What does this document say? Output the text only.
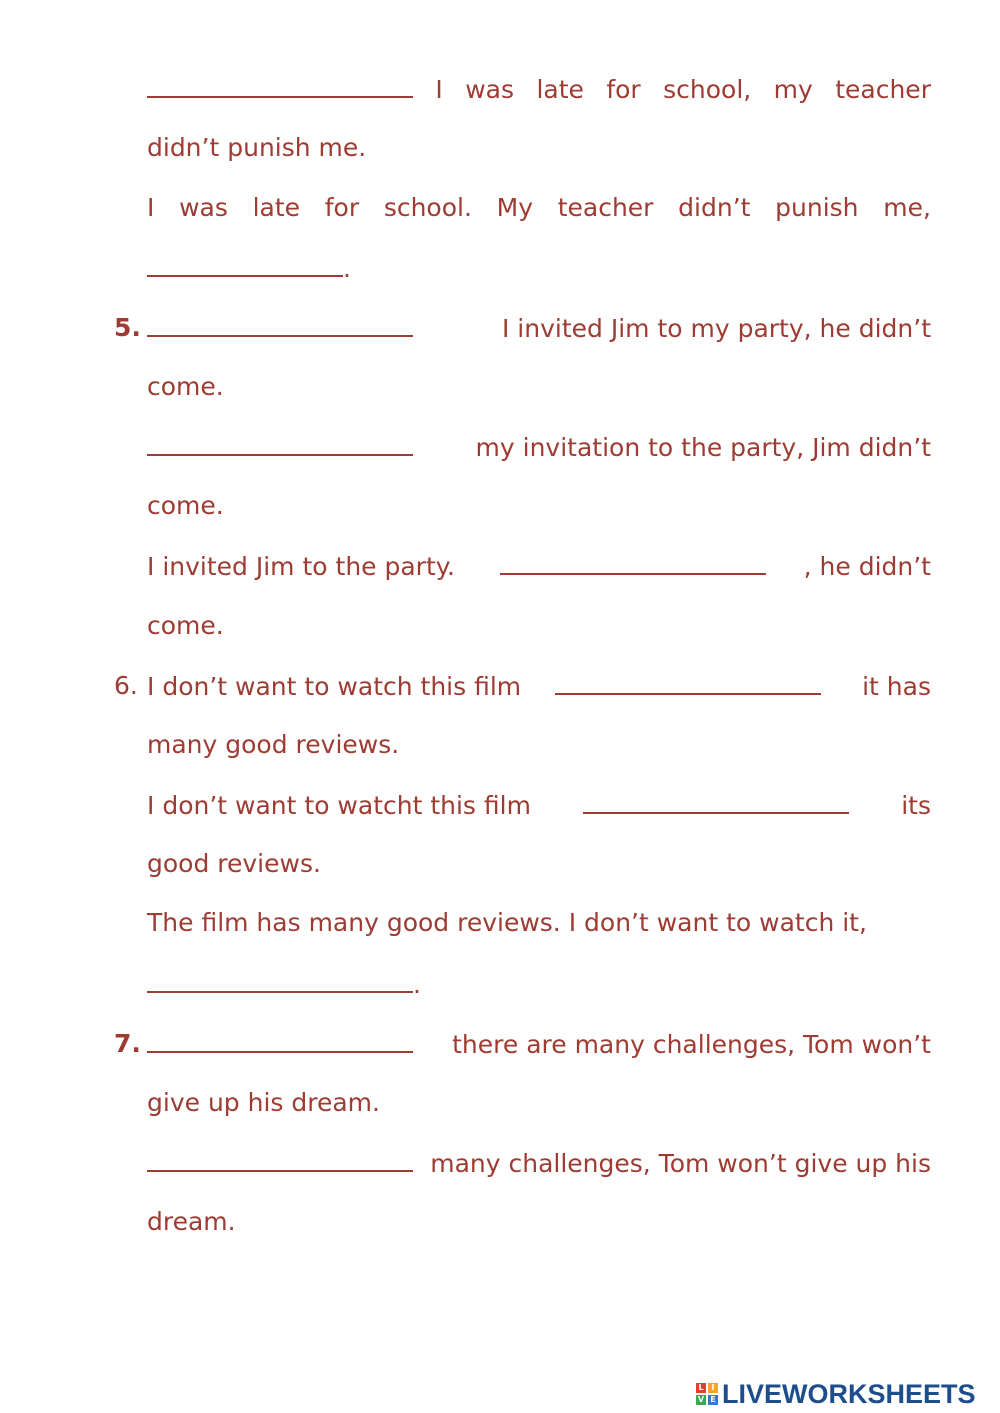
I was late for school, my teacher
didn’t punish me.
I was late for school. My teacher didn’t punish me,
.
5.	I invited Jim to my party, he didn’t
come.
my invitation to the party, Jim didn’t
come.
I invited Jim to the party.	, he didn’t
come.
6. I don’t want to watch this film	it has
many good reviews.
I don’t want to watcht this film	its
good reviews.
The film has many good reviews. I don’t want to watch it,
.
7.	there are many challenges, Tom won’t
give up his dream.
many challenges, Tom won’t give up his
dream.
L I
V E LIVEWORKSHEETS
